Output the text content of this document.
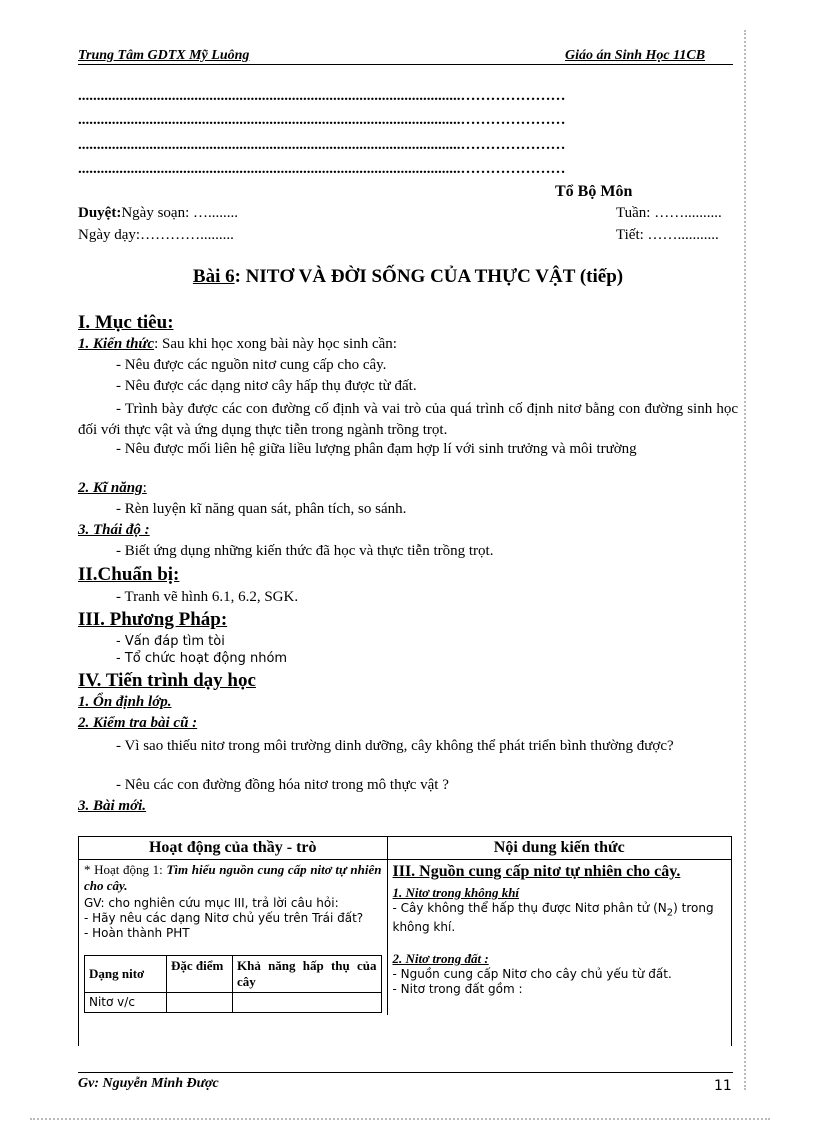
Trung Tâm GDTX Mỹ Luông	Giáo án Sinh Học 11CB
......................................................................................................…………………
......................................................................................................…………………
......................................................................................................…………………
......................................................................................................…………………
Tổ Bộ Môn
Duyệt:Ngày soạn: …........	Tuần: ……..........
Ngày dạy:………….........	Tiết: ……...........
Bài 6: NITƠ VÀ ĐỜI SỐNG CỦA THỰC VẬT (tiếp)
I. Mục tiêu:
1. Kiến thức: Sau khi học xong bài này học sinh cần:
- Nêu được các nguồn nitơ cung cấp cho cây.
- Nêu được các dạng nitơ cây hấp thụ được từ đất.
- Trình bày được các con đường cố định và vai trò của quá trình cố định nitơ bằng con đường sinh học đối với thực vật và ứng dụng thực tiễn trong ngành trồng trọt.
- Nêu được mối liên hệ giữa liều lượng phân đạm hợp lí với sinh trưởng và môi trường
2. Kĩ năng:
- Rèn luyện kĩ năng quan sát, phân tích, so sánh.
3. Thái độ :
- Biết ứng dụng những kiến thức đã học và thực tiễn trồng trọt.
II.Chuẩn bị:
- Tranh vẽ hình 6.1, 6.2, SGK.
III. Phương Pháp:
- Vấn đáp tìm tòi
- Tổ chức hoạt động nhóm
IV. Tiến trình dạy học
1. Ổn định lớp.
2. Kiểm tra bài cũ :
- Vì sao thiếu nitơ trong môi trường dinh dưỡng, cây không thể phát triển bình thường được?
- Nêu các con đường đồng hóa nitơ trong mô thực vật ?
3. Bài mới.
Hoạt động của thầy - trò	Nội dung kiến thức

* Hoạt động 1: Tìm hiểu nguồn cung cấp nitơ tự nhiên cho cây.
GV: cho nghiên cứu mục III, trả lời câu hỏi:
- Hãy nêu các dạng Nitơ chủ yếu trên Trái đất?
- Hoàn thành PHT
Dạng nitơ	Đặc điểm	Khả năng hấp thụ của cây
Nitơ v/c		

III. Nguồn cung cấp nitơ tự nhiên cho cây.
1. Nitơ trong không khí
- Cây không thể hấp thụ được Nitơ phân tử $(N_2)$ trong không khí.
2. Nitơ trong đất :
- Nguồn cung cấp Nitơ cho cây chủ yếu từ đất.
- Nitơ trong đất gồm :
Gv: Nguyễn Minh Được	11
